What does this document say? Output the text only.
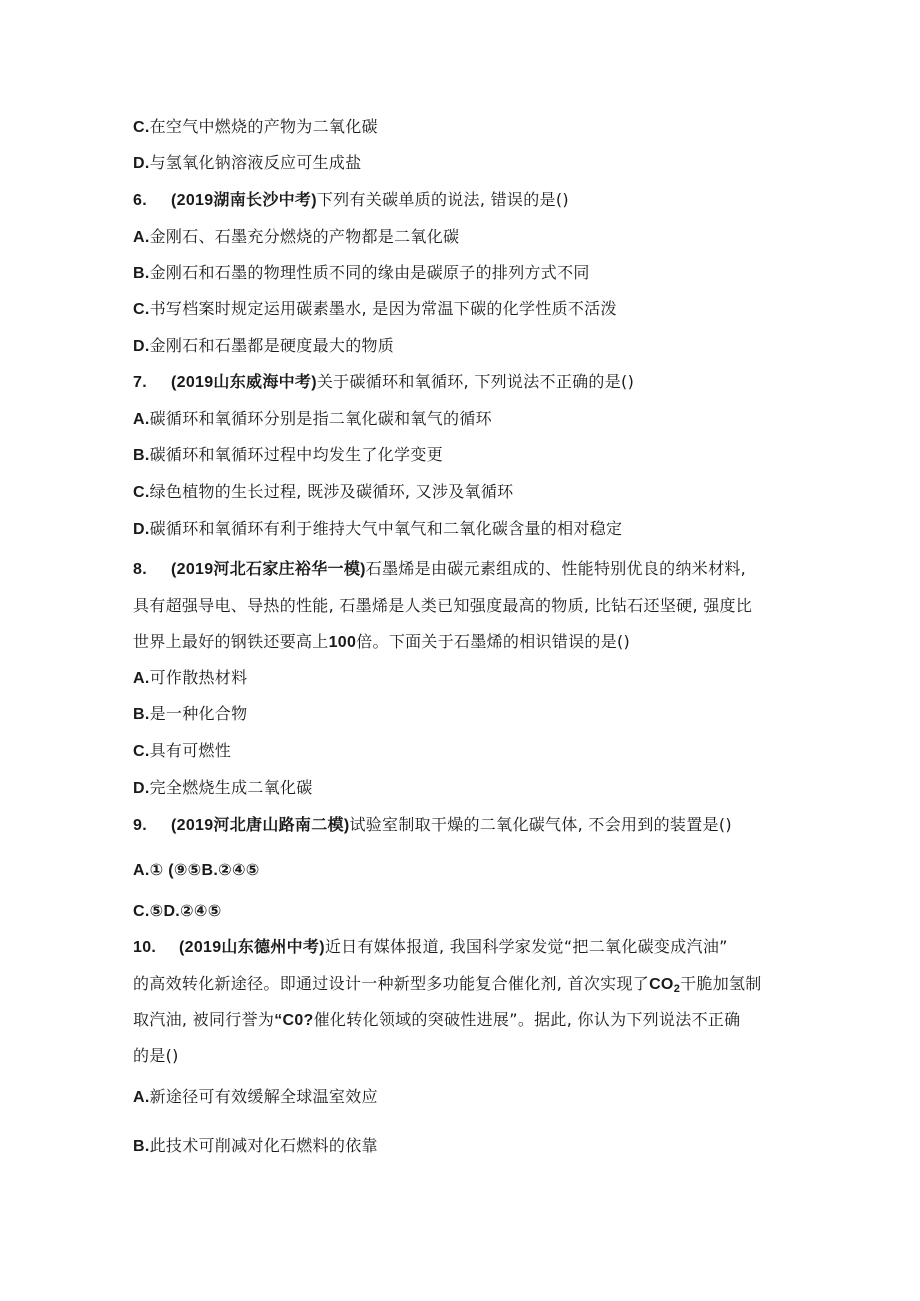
C.在空气中燃烧的产物为二氧化碳
D.与氢氧化钠溶液反应可生成盐
6. (2019湖南长沙中考)下列有关碳单质的说法, 错误的是()
A.金刚石、石墨充分燃烧的产物都是二氧化碳
B.金刚石和石墨的物理性质不同的缘由是碳原子的排列方式不同
C.书写档案时规定运用碳素墨水, 是因为常温下碳的化学性质不活泼
D.金刚石和石墨都是硬度最大的物质
7. (2019山东威海中考)关于碳循环和氧循环, 下列说法不正确的是()
A.碳循环和氧循环分别是指二氧化碳和氧气的循环
B.碳循环和氧循环过程中均发生了化学变更
C.绿色植物的生长过程, 既涉及碳循环, 又涉及氧循环
D.碳循环和氧循环有利于维持大气中氧气和二氧化碳含量的相对稳定
8. (2019河北石家庄裕华一模)石墨烯是由碳元素组成的、性能特别优良的纳米材料,
具有超强导电、导热的性能, 石墨烯是人类已知强度最高的物质, 比钻石还坚硬, 强度比
世界上最好的钢铁还要高上100倍。下面关于石墨烯的相识错误的是()
A.可作散热材料
B.是一种化合物
C.具有可燃性
D.完全燃烧生成二氧化碳
9. (2019河北唐山路南二模)试验室制取干燥的二氧化碳气体, 不会用到的装置是()
A.① (⑨⑤B.②④⑤
C.⑤D.②④⑤
10. (2019山东德州中考)近日有媒体报道, 我国科学家发觉“把二氧化碳变成汽油”
的高效转化新途径。即通过设计一种新型多功能复合催化剂, 首次实现了$CO_2$干脆加氢制
取汽油, 被同行誉为“C0?催化转化领域的突破性进展”。据此, 你认为下列说法不正确
的是()
A.新途径可有效缓解全球温室效应
B.此技术可削减对化石燃料的依靠
